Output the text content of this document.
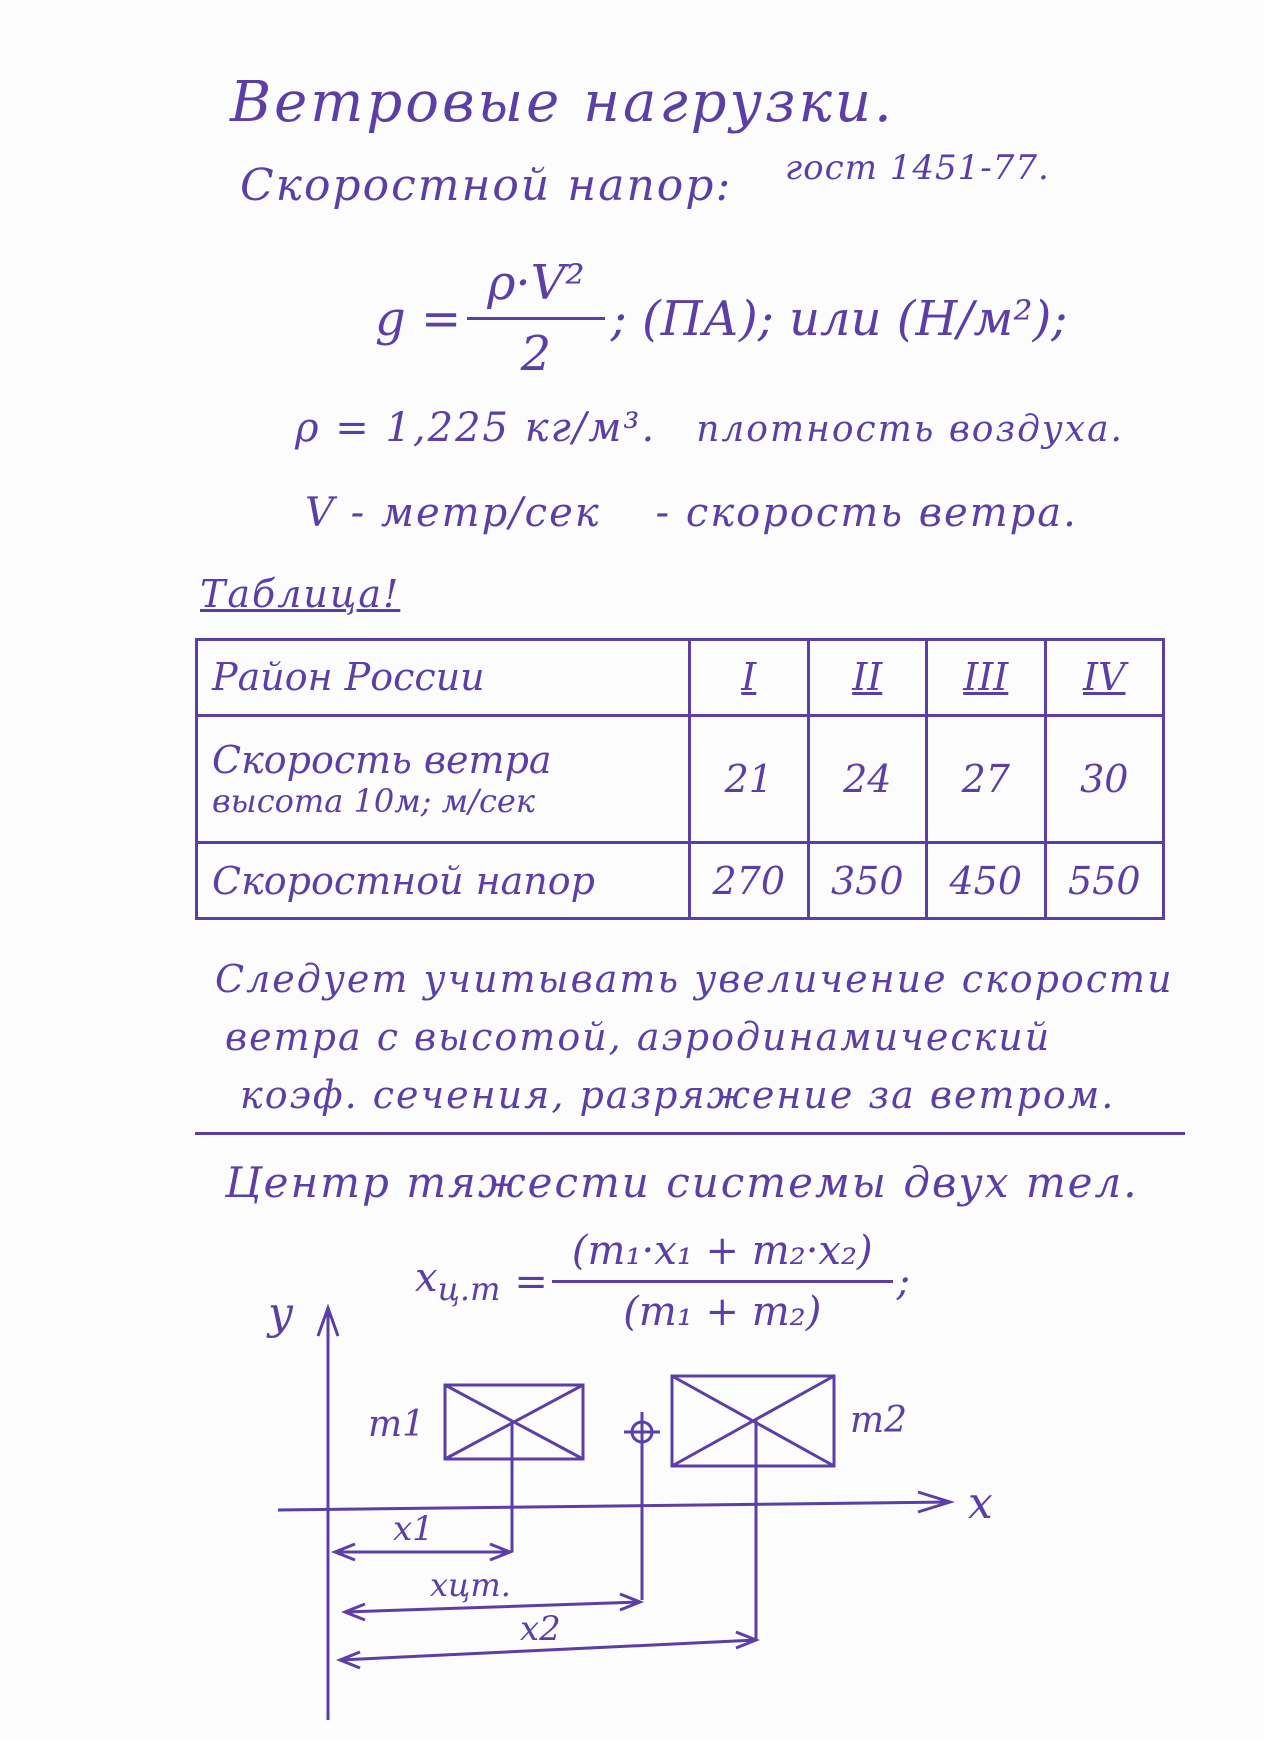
Ветровые нагрузки.
Скоростной напор: гост 1451-77.
$g = \frac{\text{ρ·V²}}{2}$ ; (ПА); или (Н/м²);
ρ = 1,225 кг/м³. плотность воздуха.
V - метр/сек - скорость ветра.
Таблица!
Район России	I	II	III	IV
Скорость ветра
высота 10м; м/сек	21	24	27	30
Скоростной напор	270	350	450	550
Следует учитывать увеличение скорости
ветра с высотой, аэродинамический
коэф. сечения, разряжение за ветром.
Центр тяжести системы двух тел.
$x_{ц.т} = \frac{\text{(m₁·x₁ + m₂·x₂)}}{\text{(m₁ + m₂)}}$ ;
y
x
m1	m2
x1
xцт.
x2
